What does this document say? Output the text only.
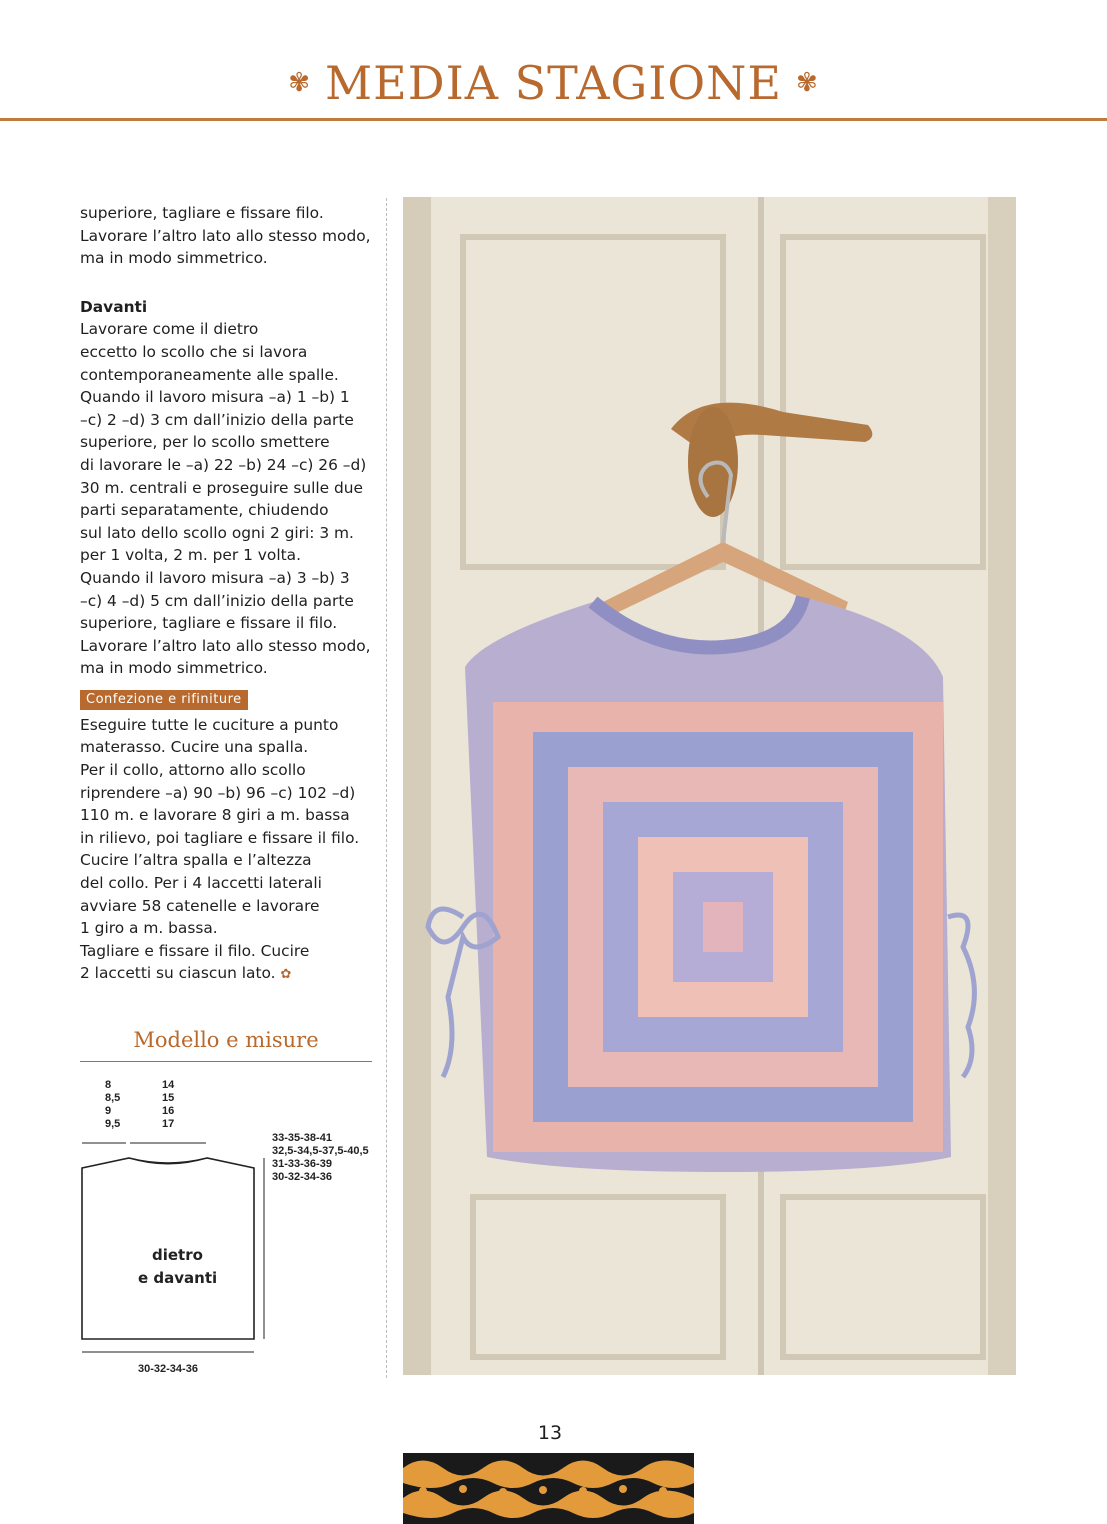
✾ MEDIA STAGIONE ✾

superiore, tagliare e fissare filo.

Lavorare l’altro lato allo stesso modo,

ma in modo simmetrico.

Davanti

Lavorare come il dietro

eccetto lo scollo che si lavora

contemporaneamente alle spalle.

Quando il lavoro misura –a) 1 –b) 1

–c) 2 –d) 3 cm dall’inizio della parte

superiore, per lo scollo smettere

di lavorare le –a) 22 –b) 24 –c) 26 –d)

30 m. centrali e proseguire sulle due

parti separatamente, chiudendo

sul lato dello scollo ogni 2 giri: 3 m.

per 1 volta, 2 m. per 1 volta.

Quando il lavoro misura –a) 3 –b) 3

–c) 4 –d) 5 cm dall’inizio della parte

superiore, tagliare e fissare il filo.

Lavorare l’altro lato allo stesso modo,

ma in modo simmetrico.

Confezione e rifiniture

Eseguire tutte le cuciture a punto

materasso. Cucire una spalla.

Per il collo, attorno allo scollo

riprendere –a) 90 –b) 96 –c) 102 –d)

110 m. e lavorare 8 giri a m. bassa

in rilievo, poi tagliare e fissare il filo.

Cucire l’altra spalla e l’altezza

del collo. Per i 4 laccetti laterali

avviare 58 catenelle e lavorare

1 giro a m. bassa.

Tagliare e fissare il filo. Cucire

2 laccetti su ciascun lato. ✿

Modello e misure
8
8,5
9
9,5
14
15
16
17
dietro
e davanti
33-35-38-41
32,5-34,5-37,5-40,5
31-33-36-39
30-32-34-36
30-32-34-36
13
